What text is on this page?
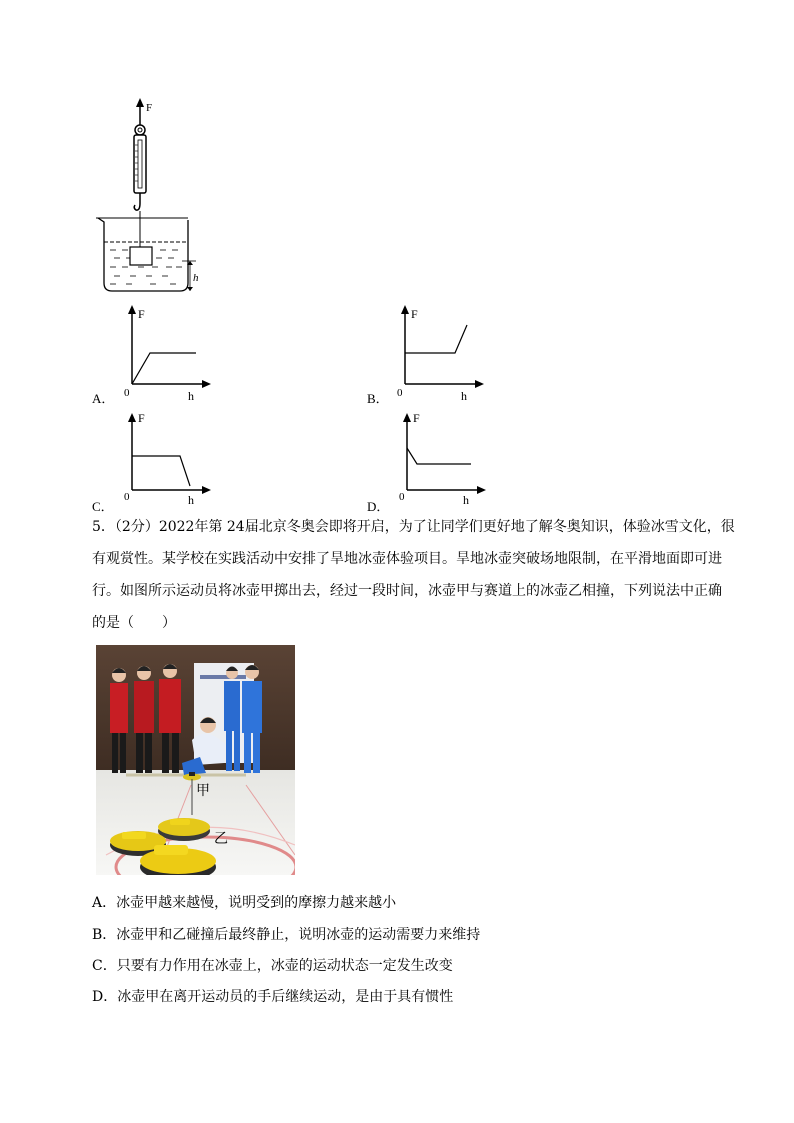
F
h
A．
F
0	h	B．
F
0	h
C．
F
0	h	D．
F
0	h
5．（2分）2022年第 24届北京冬奥会即将开启，为了让同学们更好地了解冬奥知识，体验冰雪文化，很
有观赏性。某学校在实践活动中安排了旱地冰壶体验项目。旱地冰壶突破场地限制，在平滑地面即可进
行。如图所示运动员将冰壶甲掷出去，经过一段时间，冰壶甲与赛道上的冰壶乙相撞，下列说法中正确
的是（　　）
甲
乙
A．冰壶甲越来越慢，说明受到的摩擦力越来越小
B．冰壶甲和乙碰撞后最终静止，说明冰壶的运动需要力来维持
C．只要有力作用在冰壶上，冰壶的运动状态一定发生改变
D．冰壶甲在离开运动员的手后继续运动，是由于具有惯性
